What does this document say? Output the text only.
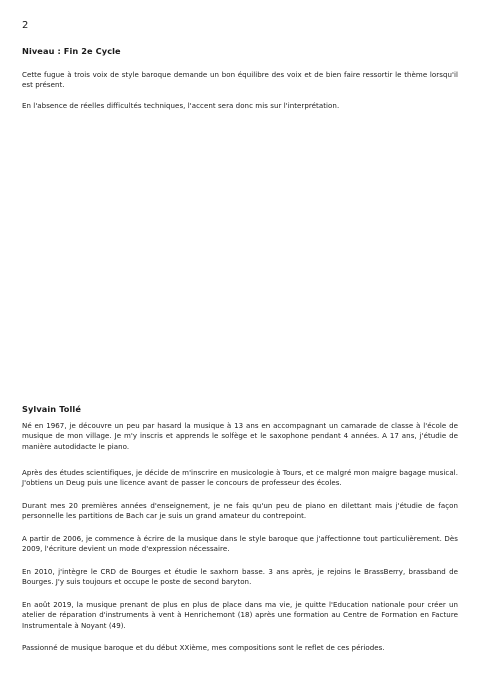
2
Niveau : Fin 2e Cycle
Cette fugue à trois voix de style baroque demande un bon équilibre des voix et de bien faire ressortir le thème lorsqu'il est présent.
En l'absence de réelles difficultés techniques, l'accent sera donc mis sur l'interprétation.
Sylvain Tollé
Né en 1967, je découvre un peu par hasard la musique à 13 ans en accompagnant un camarade de classe à l'école de musique de mon village. Je m'y inscris et apprends le solfège et le saxophone pendant 4 années. A 17 ans, j'étudie de manière autodidacte le piano.
Après des études scientifiques, je décide de m'inscrire en musicologie à Tours, et ce malgré mon maigre bagage musical. J'obtiens un Deug puis une licence avant de passer le concours de professeur des écoles.
Durant mes 20 premières années d'enseignement, je ne fais qu'un peu de piano en dilettant mais j'étudie de façon personnelle les partitions de Bach car je suis un grand amateur du contrepoint.
A partir de 2006, je commence à écrire de la musique dans le style baroque que j'affectionne tout particulièrement. Dès 2009, l'écriture devient un mode d'expression nécessaire.
En 2010, j'intègre le CRD de Bourges et étudie le saxhorn basse. 3 ans après, je rejoins le BrassBerry, brassband de Bourges. J'y suis toujours et occupe le poste de second baryton.
En août 2019, la musique prenant de plus en plus de place dans ma vie, je quitte l'Education nationale pour créer un atelier de réparation d'instruments à vent à Henrichemont (18) après une formation au Centre de Formation en Facture Instrumentale à Noyant (49).
Passionné de musique baroque et du début XXième, mes compositions sont le reflet de ces périodes.
